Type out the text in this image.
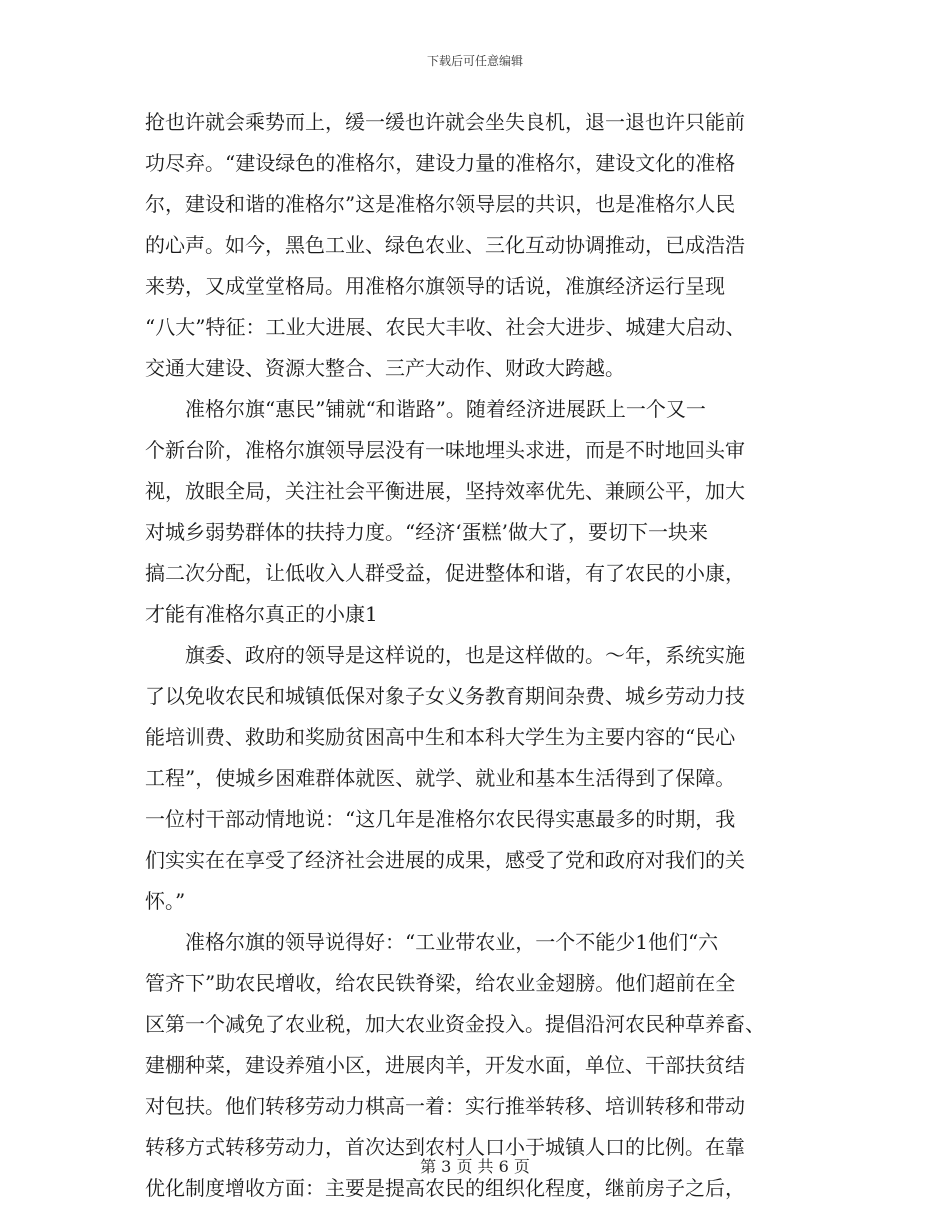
下载后可任意编辑
抢也许就会乘势而上，缓一缓也许就会坐失良机，退一退也许只能前
功尽弃。“建设绿色的准格尔，建设力量的准格尔，建设文化的准格
尔，建设和谐的准格尔”这是准格尔领导层的共识，也是准格尔人民
的心声。如今，黑色工业、绿色农业、三化互动协调推动，已成浩浩
来势，又成堂堂格局。用准格尔旗领导的话说，准旗经济运行呈现
“八大”特征：工业大进展、农民大丰收、社会大进步、城建大启动、
交通大建设、资源大整合、三产大动作、财政大跨越。
准格尔旗“惠民”铺就“和谐路”。随着经济进展跃上一个又一
个新台阶，准格尔旗领导层没有一味地埋头求进，而是不时地回头审
视，放眼全局，关注社会平衡进展，坚持效率优先、兼顾公平，加大
对城乡弱势群体的扶持力度。“经济‘蛋糕’做大了，要切下一块来
搞二次分配，让低收入人群受益，促进整体和谐，有了农民的小康，
才能有准格尔真正的小康1
旗委、政府的领导是这样说的，也是这样做的。～年，系统实施
了以免收农民和城镇低保对象子女义务教育期间杂费、城乡劳动力技
能培训费、救助和奖励贫困高中生和本科大学生为主要内容的“民心
工程”，使城乡困难群体就医、就学、就业和基本生活得到了保障。
一位村干部动情地说：“这几年是准格尔农民得实惠最多的时期，我
们实实在在享受了经济社会进展的成果，感受了党和政府对我们的关
怀。”
准格尔旗的领导说得好：“工业带农业，一个不能少1他们“六
管齐下”助农民增收，给农民铁脊梁，给农业金翅膀。他们超前在全
区第一个减免了农业税，加大农业资金投入。提倡沿河农民种草养畜、
建棚种菜，建设养殖小区，进展肉羊，开发水面，单位、干部扶贫结
对包扶。他们转移劳动力棋高一着：实行推举转移、培训转移和带动
转移方式转移劳动力，首次达到农村人口小于城镇人口的比例。在靠
优化制度增收方面：主要是提高农民的组织化程度，继前房子之后，
第 3 页 共 6 页
